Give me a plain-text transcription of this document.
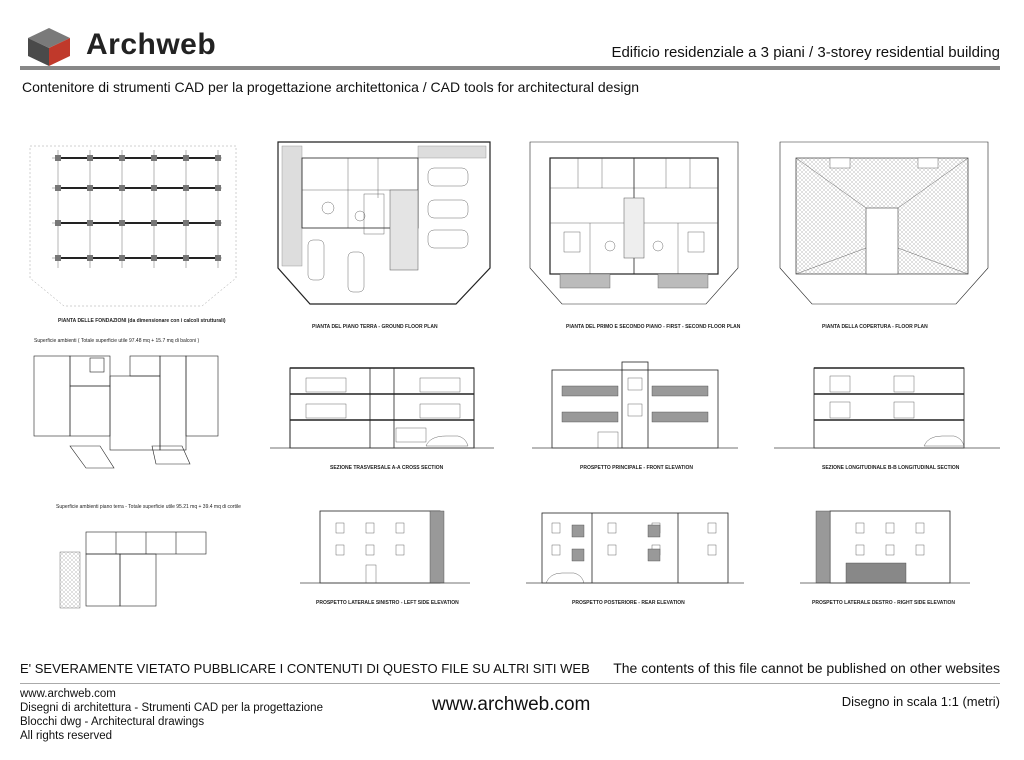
Archweb	Edificio residenziale a 3 piani / 3-storey residential building
Contenitore di strumenti CAD per la progettazione architettonica / CAD tools for architectural design
PIANTA DELLE FONDAZIONI (da dimensionare con i calcoli strutturali)
PIANTA DEL PIANO TERRA - GROUND FLOOR PLAN	PIANTA DEL PRIMO E SECONDO PIANO - FIRST - SECOND FLOOR PLAN	PIANTA DELLA COPERTURA - FLOOR PLAN
Superficie ambienti ( Totale superficie utile 97.48 mq + 15.7 mq di balconi )
SEZIONE TRASVERSALE A-A CROSS SECTION	PROSPETTO PRINCIPALE - FRONT ELEVATION	SEZIONE LONGITUDINALE B-B LONGITUDINAL SECTION
Superficie ambienti piano terra - Totale superficie utile 95.21 mq + 39.4 mq di cortile
PROSPETTO LATERALE SINISTRO - LEFT SIDE ELEVATION	PROSPETTO POSTERIORE - REAR ELEVATION	PROSPETTO LATERALE DESTRO - RIGHT SIDE ELEVATION
E' SEVERAMENTE VIETATO PUBBLICARE I CONTENUTI DI QUESTO FILE SU ALTRI SITI WEB The contents of this file cannot be published on other websites
www.archweb.com
Disegni di architettura - Strumenti CAD per la progettazione
Blocchi dwg - Architectural drawings
All rights reserved
www.archweb.com	Disegno in scala 1:1 (metri)
